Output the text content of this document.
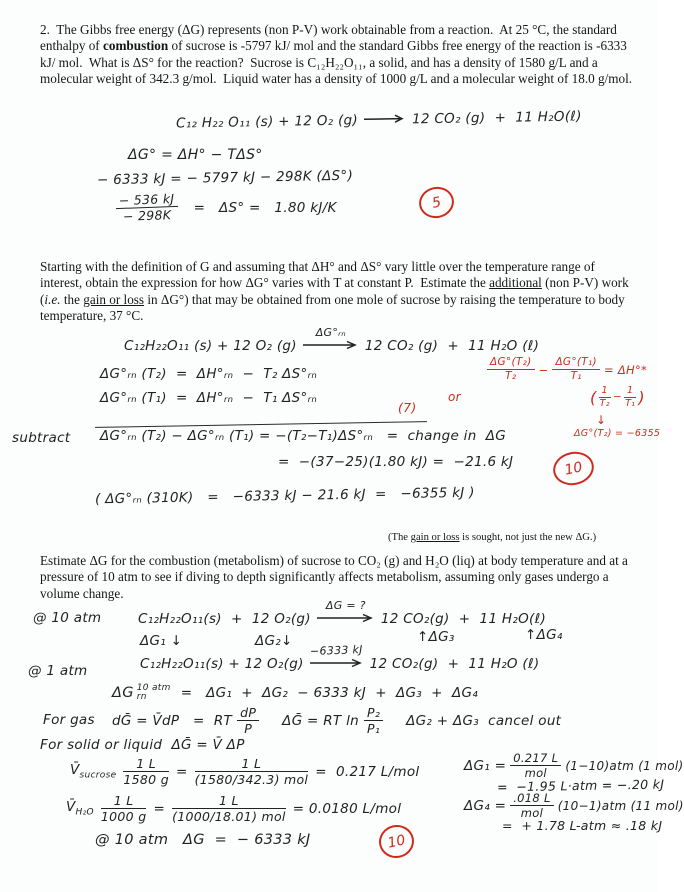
2.  The Gibbs free energy (ΔG) represents (non P-V) work obtainable from a reaction.  At 25 °C, the standard enthalpy of combustion of sucrose is -5797 kJ/ mol and the standard Gibbs free energy of the reaction is -6333 kJ/ mol.  What is ΔS° for the reaction?  Sucrose is C₁₂H₂₂O₁₁, a solid, and has a density of 1580 g/L and a molecular weight of 342.3 g/mol.  Liquid water has a density of 1000 g/L and a molecular weight of 18.0 g/mol.

C₁₂ H₂₂ O₁₁ (s) + 12 O₂ (g) →
12 CO₂ (g)  +  11 H₂O(ℓ)
ΔG° = ΔH° − TΔS°
− 6333 kJ = − 5797 kJ − 298K (ΔS°)
$\frac{- 536 kJ}{- 298K} = \Delta S^\circ = 1.80$ kJ/K	5

Starting with the definition of G and assuming that ΔH° and ΔS° vary little over the temperature range of interest, obtain the expression for how ΔG° varies with T at constant P.  Estimate the additional (non P-V) work (i.e. the gain or loss in ΔG°) that may be obtained from one mole of sucrose by raising the temperature to body temperature, 37 °C.

C₁₂H₂₂O₁₁ (s) + 12 O₂ (g)
ΔG°ᵣₙ
12 CO₂ (g)  +  11 H₂O (ℓ)
ΔG°ᵣₙ (T₂)  =  ΔH°ᵣₙ  −  T₂ ΔS°ᵣₙ
ΔG°ᵣₙ (T₁)  =  ΔH°ᵣₙ  −  T₁ ΔS°ᵣₙ
$\frac{\text{ΔG°(T₂)}}{\text{T₂}} - \frac{\text{ΔG°(T₁)}}{\text{T₁}} = \Delta H^\circ*$
( $\frac{1}{\text{T₂}} - \frac{1}{\text{T₁}}$ )
↓
ΔG°(T₂) = −6355
or
(7)
subtract ΔG°ᵣₙ (T₂) − ΔG°ᵣₙ (T₁) = −(T₂−T₁)ΔS°ᵣₙ   =  change in  ΔG
=  −(37−25)(1.80 kJ) =  −21.6 kJ	10
( ΔG°ᵣₙ (310K)   =   −6333 kJ − 21.6 kJ  =   −6355 kJ )

(The gain or loss is sought, not just the new ΔG.)

Estimate ΔG for the combustion (metabolism) of sucrose to CO₂ (g) and H₂O (liq) at body temperature and at a pressure of 10 atm to see if diving to depth significantly affects metabolism, assuming only gases undergo a volume change.

@ 10 atm	C₁₂H₂₂O₁₁(s)  +  12 O₂(g)
ΔG = ?
12 CO₂(g)  +  11 H₂O(ℓ)
ΔG₁ ↓	ΔG₂↓	↑ΔG₃	↑ΔG₄
@ 1 atm	C₁₂H₂₂O₁₁(s) + 12 O₂(g)
−6333 kJ
12 CO₂(g)  +  11 H₂O (ℓ)
ΔG 10 atm
rn	=   ΔG₁  +  ΔG₂  − 6333 kJ  +  ΔG₃  +  ΔG₄
For gas dḠ = V̄dP   =  RT $\frac{dP}{P}$ ΔḠ = RT $\ln \frac{\text{P₂}}{\text{P₁}} \Delta G_2 + \Delta G_3$  cancel out
For solid or liquid  ΔḠ = V̄ ΔP
$V̄_{sucrose} \frac{1 L}{1580 g} = \frac{1 L}{\text{(1580/342.3) mol}} = 0.217$ L/mol	$\Delta G_1 = \frac{0.217 L}{\text{mol}} (1-10)atm$ (1 mol)
=  −1.95 L·atm = −.20 kJ
$V̄_{H_2O} \frac{1 L}{1000 g} = \frac{1 L}{\text{(1000/18.01) mol}} = 0.0180$ L/mol	$\Delta G_4 = \frac{.018 L}{\text{mol}} (10-1)atm$ (11 mol)
=  + 1.78 L-atm ≈ .18 kJ
@ 10 atm   ΔG  =  − 6333 kJ	10
